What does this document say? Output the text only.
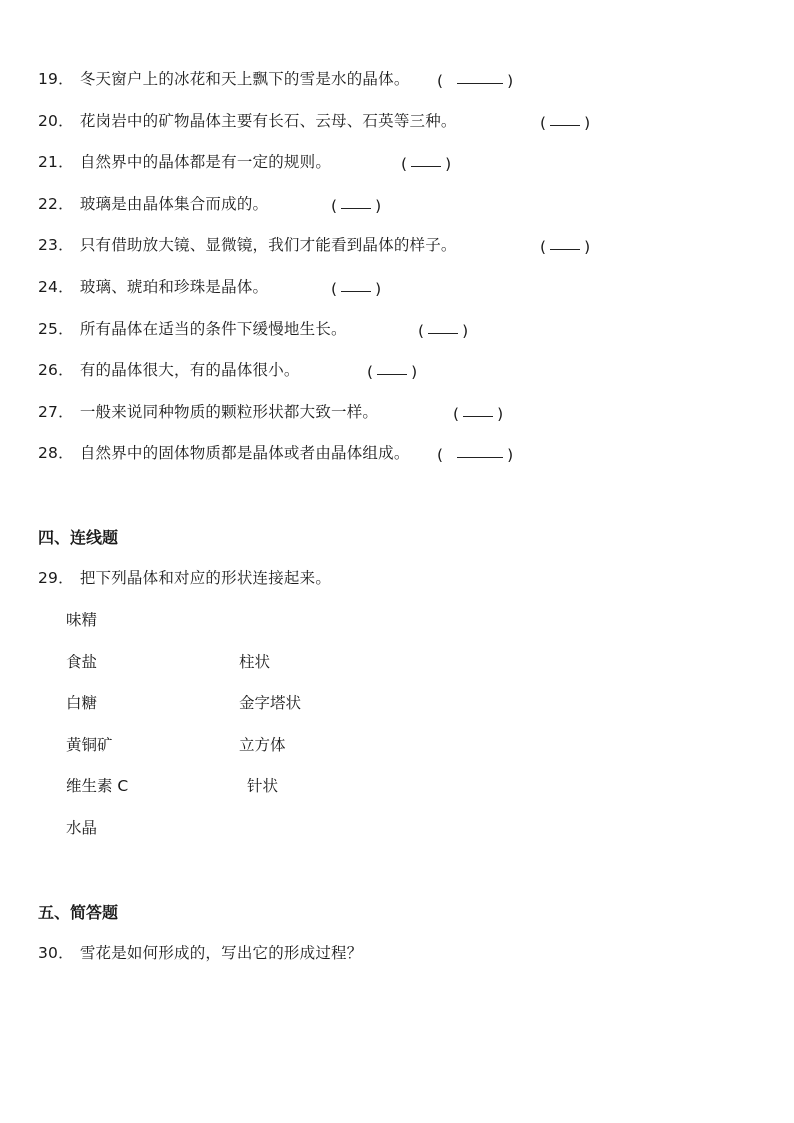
19． 冬天窗户上的冰花和天上飘下的雪是水的晶体。 (	)
20． 花岗岩中的矿物晶体主要有长石、云母、石英等三种。	( )
21． 自然界中的晶体都是有一定的规则。	( )
22． 玻璃是由晶体集合而成的。	( )
23． 只有借助放大镜、显微镜，我们才能看到晶体的样子。	( )
24． 玻璃、琥珀和珍珠是晶体。	( )
25． 所有晶体在适当的条件下缓慢地生长。	( )
26． 有的晶体很大，有的晶体很小。	( )
27． 一般来说同种物质的颗粒形状都大致一样。	( )
28． 自然界中的固体物质都是晶体或者由晶体组成。 (	)
四、连线题
29． 把下列晶体和对应的形状连接起来。
味精
食盐
白糖
黄铜矿
维生素 C
水晶
柱状
金字塔状
立方体
针状
五、简答题
30． 雪花是如何形成的，写出它的形成过程？
